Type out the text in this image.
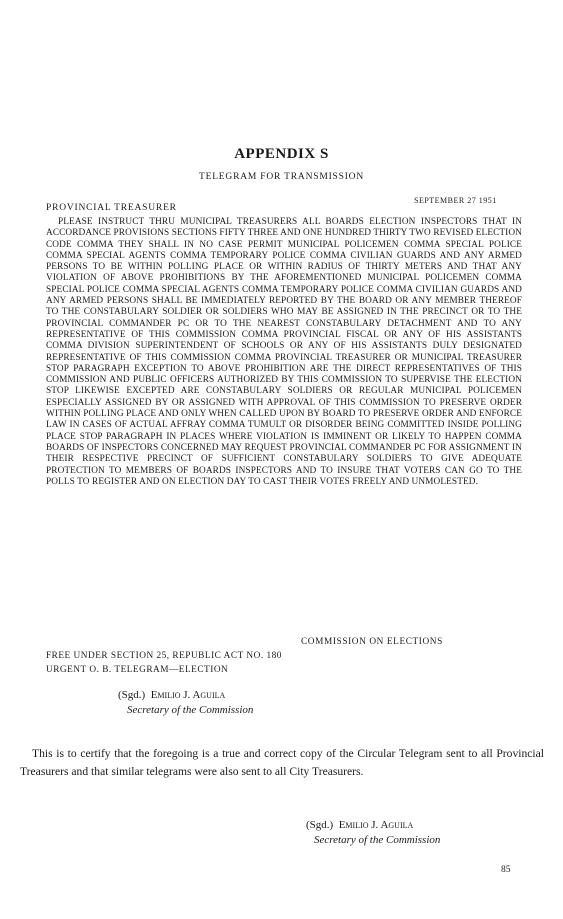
APPENDIX S
TELEGRAM FOR TRANSMISSION
SEPTEMBER 27 1951
PROVINCIAL TREASURER
PLEASE INSTRUCT THRU MUNICIPAL TREASURERS ALL BOARDS ELECTION INSPECTORS THAT IN ACCORDANCE PROVISIONS SECTIONS FIFTY THREE AND ONE HUNDRED THIRTY TWO REVISED ELECTION CODE COMMA THEY SHALL IN NO CASE PERMIT MUNICIPAL POLICEMEN COMMA SPECIAL POLICE COMMA SPECIAL AGENTS COMMA TEMPORARY POLICE COMMA CIVILIAN GUARDS AND ANY ARMED PERSONS TO BE WITHIN POLLING PLACE OR WITHIN RADIUS OF THIRTY METERS AND THAT ANY VIOLATION OF ABOVE PROHIBITIONS BY THE AFOREMENTIONED MUNICIPAL POLICEMEN COMMA SPECIAL POLICE COMMA SPECIAL AGENTS COMMA TEMPORARY POLICE COMMA CIVILIAN GUARDS AND ANY ARMED PERSONS SHALL BE IMMEDIATELY REPORTED BY THE BOARD OR ANY MEMBER THEREOF TO THE CONSTABULARY SOLDIER OR SOLDIERS WHO MAY BE ASSIGNED IN THE PRECINCT OR TO THE PROVINCIAL COMMANDER PC OR TO THE NEAREST CONSTABULARY DETACHMENT AND TO ANY REPRESENTATIVE OF THIS COMMISSION COMMA PROVINCIAL FISCAL OR ANY OF HIS ASSISTANTS COMMA DIVISION SUPERINTENDENT OF SCHOOLS OR ANY OF HIS ASSISTANTS DULY DESIGNATED REPRESENTATIVE OF THIS COMMISSION COMMA PROVINCIAL TREASURER OR MUNICIPAL TREASURER STOP PARAGRAPH EXCEPTION TO ABOVE PROHIBITION ARE THE DIRECT REPRESENTATIVES OF THIS COMMISSION AND PUBLIC OFFICERS AUTHORIZED BY THIS COMMISSION TO SUPERVISE THE ELECTION STOP LIKEWISE EXCEPTED ARE CONSTABULARY SOLDIERS OR REGULAR MUNICIPAL POLICEMEN ESPECIALLY ASSIGNED BY OR ASSIGNED WITH APPROVAL OF THIS COMMISSION TO PRESERVE ORDER WITHIN POLLING PLACE AND ONLY WHEN CALLED UPON BY BOARD TO PRESERVE ORDER AND ENFORCE LAW IN CASES OF ACTUAL AFFRAY COMMA TUMULT OR DISORDER BEING COMMITTED INSIDE POLLING PLACE STOP PARAGRAPH IN PLACES WHERE VIOLATION IS IMMINENT OR LIKELY TO HAPPEN COMMA BOARDS OF INSPECTORS CONCERNED MAY REQUEST PROVINCIAL COMMANDER PC FOR ASSIGNMENT IN THEIR RESPECTIVE PRECINCT OF SUFFICIENT CONSTABULARY SOLDIERS TO GIVE ADEQUATE PROTECTION TO MEMBERS OF BOARDS INSPECTORS AND TO INSURE THAT VOTERS CAN GO TO THE POLLS TO REGISTER AND ON ELECTION DAY TO CAST THEIR VOTES FREELY AND UNMOLESTED.
COMMISSION ON ELECTIONS
FREE UNDER SECTION 25, REPUBLIC ACT NO. 180
URGENT O. B. TELEGRAM—ELECTION
(Sgd.) Emilio J. Aguila
Secretary of the Commission
This is to certify that the foregoing is a true and correct copy of the Circular Telegram sent to all Provincial Treasurers and that similar telegrams were also sent to all City Treasurers.
(Sgd.) Emilio J. Aguila
Secretary of the Commission
85
